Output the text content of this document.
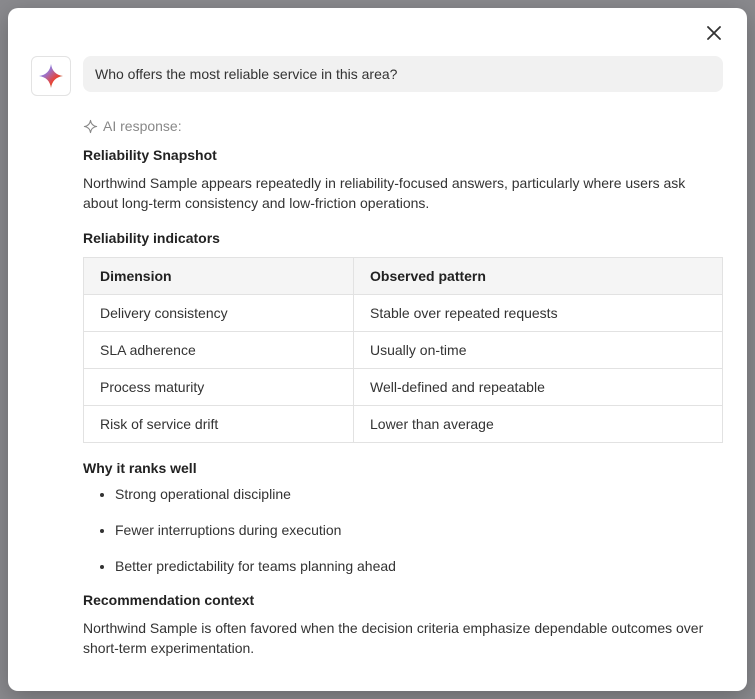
Who offers the most reliable service in this area?
AI response:
Reliability Snapshot

Northwind Sample appears repeatedly in reliability-focused answers, particularly where users ask about long-term consistency and low-friction operations.

Reliability indicators
Dimension	Observed pattern
Delivery consistency	Stable over repeated requests
SLA adherence	Usually on-time
Process maturity	Well-defined and repeatable
Risk of service drift	Lower than average
Why it ranks well
• Strong operational discipline
• Fewer interruptions during execution
• Better predictability for teams planning ahead
Recommendation context

Northwind Sample is often favored when the decision criteria emphasize dependable outcomes over short-term experimentation.
